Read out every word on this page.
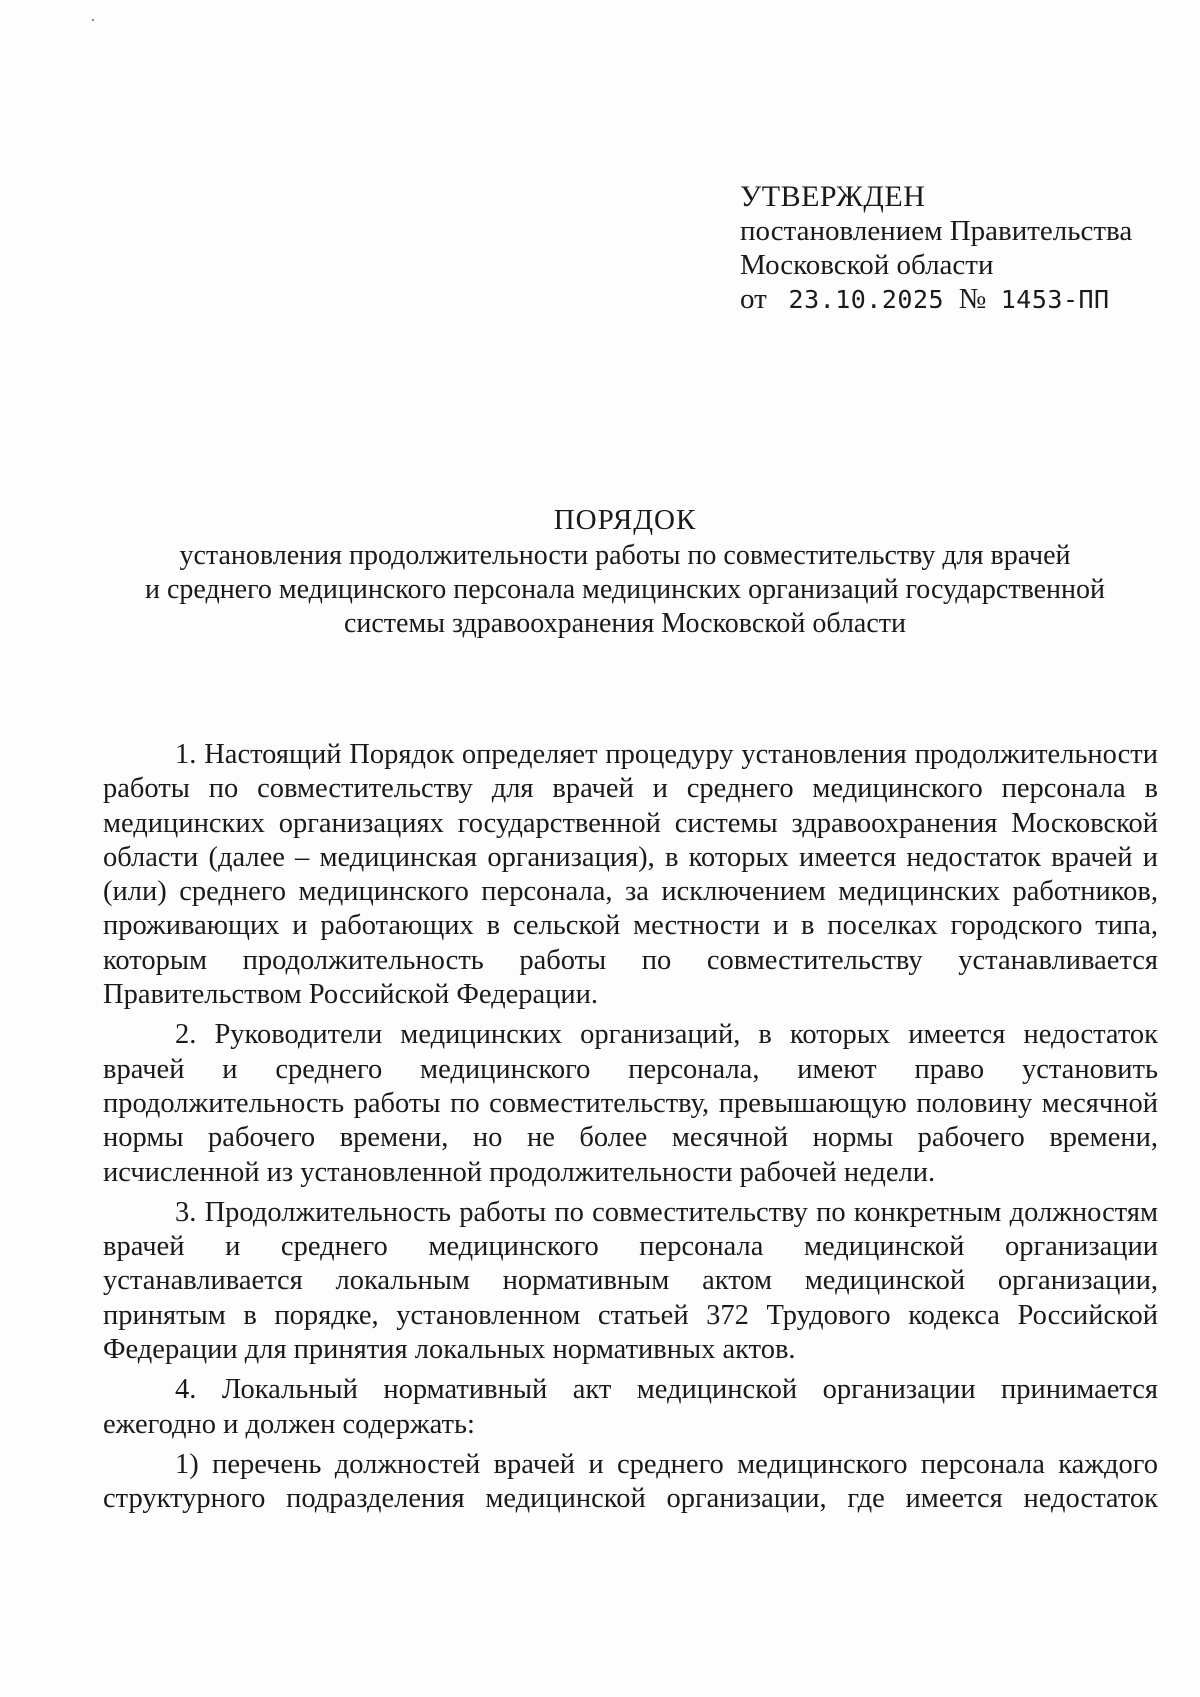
УТВЕРЖДЕН
постановлением Правительства
Московской области
от 23.10.2025 № 1453-ПП
ПОРЯДОК
установления продолжительности работы по совместительству для врачей
и среднего медицинского персонала медицинских организаций государственной
системы здравоохранения Московской области

1. Настоящий Порядок определяет процедуру установления продолжительности работы по совместительству для врачей и среднего медицинского персонала в медицинских организациях государственной системы здравоохранения Московской области (далее – медицинская организация), в которых имеется недостаток врачей и (или) среднего медицинского персонала, за исключением медицинских работников, проживающих и работающих в сельской местности и в поселках городского типа, которым продолжительность работы по совместительству устанавливается Правительством Российской Федерации.

2. Руководители медицинских организаций, в которых имеется недостаток врачей и среднего медицинского персонала, имеют право установить продолжительность работы по совместительству, превышающую половину месячной нормы рабочего времени, но не более месячной нормы рабочего времени, исчисленной из установленной продолжительности рабочей недели.

3. Продолжительность работы по совместительству по конкретным должностям врачей и среднего медицинского персонала медицинской организации устанавливается локальным нормативным актом медицинской организации, принятым в порядке, установленном статьей 372 Трудового кодекса Российской Федерации для принятия локальных нормативных актов.

4. Локальный нормативный акт медицинской организации принимается ежегодно и должен содержать:

1) перечень должностей врачей и среднего медицинского персонала каждого структурного подразделения медицинской организации, где имеется недостаток
